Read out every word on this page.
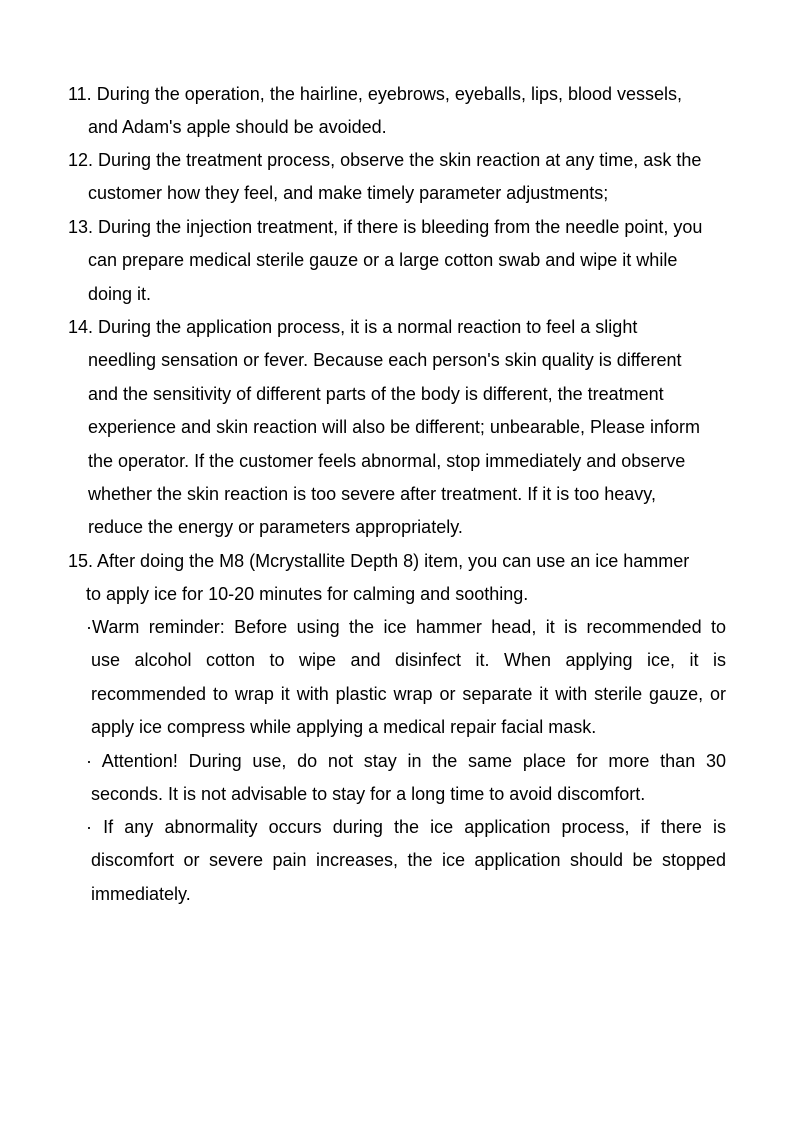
11. During the operation, the hairline, eyebrows, eyeballs, lips, blood vessels,
and Adam's apple should be avoided.

12. During the treatment process, observe the skin reaction at any time, ask the
customer how they feel, and make timely parameter adjustments;

13. During the injection treatment, if there is bleeding from the needle point, you
can prepare medical sterile gauze or a large cotton swab and wipe it while
doing it.

14. During the application process, it is a normal reaction to feel a slight
needling sensation or fever. Because each person's skin quality is different
and the sensitivity of different parts of the body is different, the treatment
experience and skin reaction will also be different; unbearable, Please inform
the operator. If the customer feels abnormal, stop immediately and observe
whether the skin reaction is too severe after treatment. If it is too heavy,
reduce the energy or parameters appropriately.

15. After doing the M8 (Mcrystallite Depth 8) item, you can use an ice hammer
to apply ice for 10-20 minutes for calming and soothing.

·Warm reminder: Before using the ice hammer head, it is recommended to
use alcohol cotton to wipe and disinfect it. When applying ice, it is
recommended to wrap it with plastic wrap or separate it with sterile gauze, or
apply ice compress while applying a medical repair facial mask.

· Attention! During use, do not stay in the same place for more than 30
seconds. It is not advisable to stay for a long time to avoid discomfort.

· If any abnormality occurs during the ice application process, if there is
discomfort or severe pain increases, the ice application should be stopped
immediately.
